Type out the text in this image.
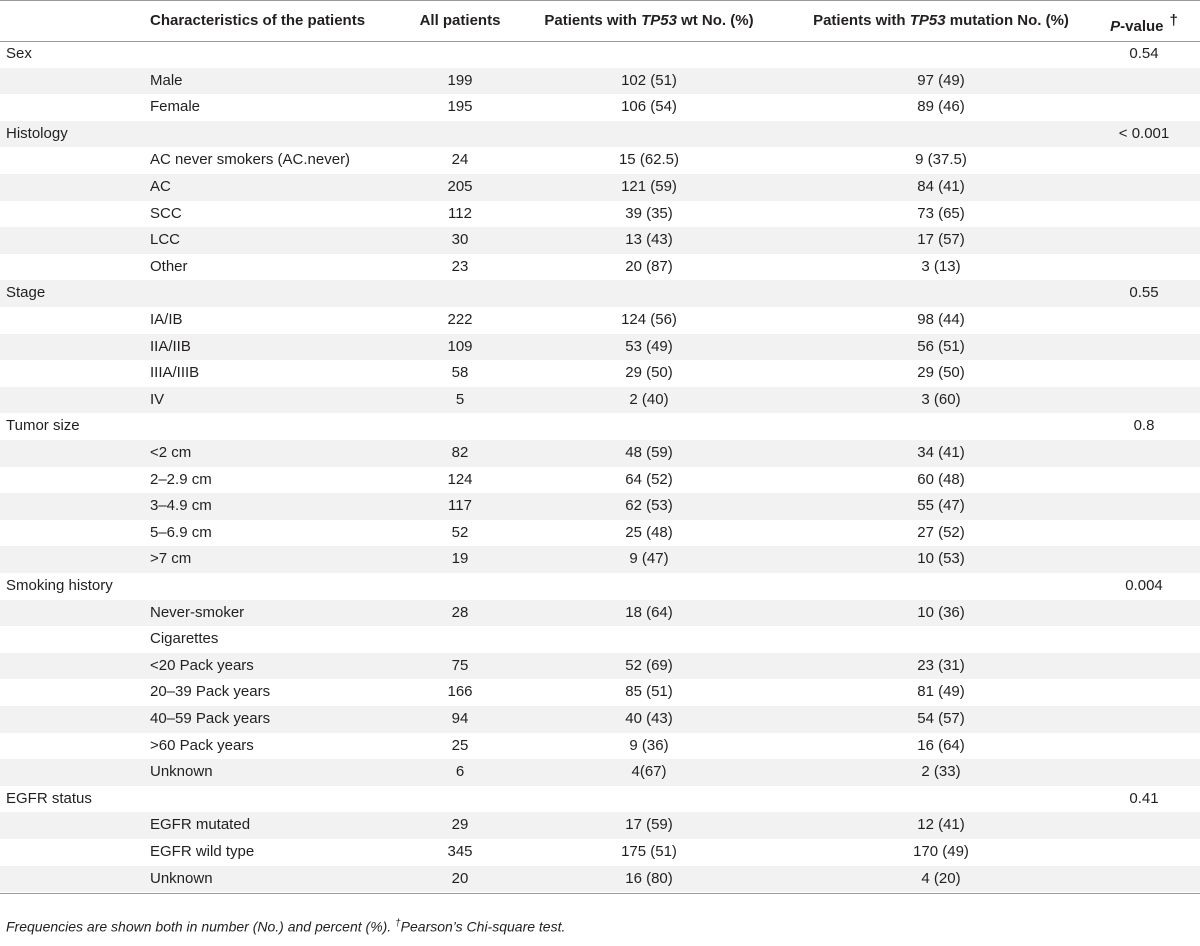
Characteristics of the patients	All patients	Patients with TP53 wt No. (%)	Patients with TP53 mutation No. (%)	P-value †
Sex	0.54
Male	199	102 (51)	97 (49)
Female	195	106 (54)	89 (46)
Histology	< 0.001
AC never smokers (AC.never)	24	15 (62.5)	9 (37.5)
AC	205	121 (59)	84 (41)
SCC	112	39 (35)	73 (65)
LCC	30	13 (43)	17 (57)
Other	23	20 (87)	3 (13)
Stage	0.55
IA/IB	222	124 (56)	98 (44)
IIA/IIB	109	53 (49)	56 (51)
IIIA/IIIB	58	29 (50)	29 (50)
IV	5	2 (40)	3 (60)
Tumor size	0.8
<2 cm	82	48 (59)	34 (41)
2–2.9 cm	124	64 (52)	60 (48)
3–4.9 cm	117	62 (53)	55 (47)
5–6.9 cm	52	25 (48)	27 (52)
>7 cm	19	9 (47)	10 (53)
Smoking history	0.004
Never-smoker	28	18 (64)	10 (36)
Cigarettes
<20 Pack years	75	52 (69)	23 (31)
20–39 Pack years	166	85 (51)	81 (49)
40–59 Pack years	94	40 (43)	54 (57)
>60 Pack years	25	9 (36)	16 (64)
Unknown	6	4(67)	2 (33)
EGFR status	0.41
EGFR mutated	29	17 (59)	12 (41)
EGFR wild type	345	175 (51)	170 (49)
Unknown	20	16 (80)	4 (20)
Frequencies are shown both in number (No.) and percent (%). †Pearson’s Chi-square test.
